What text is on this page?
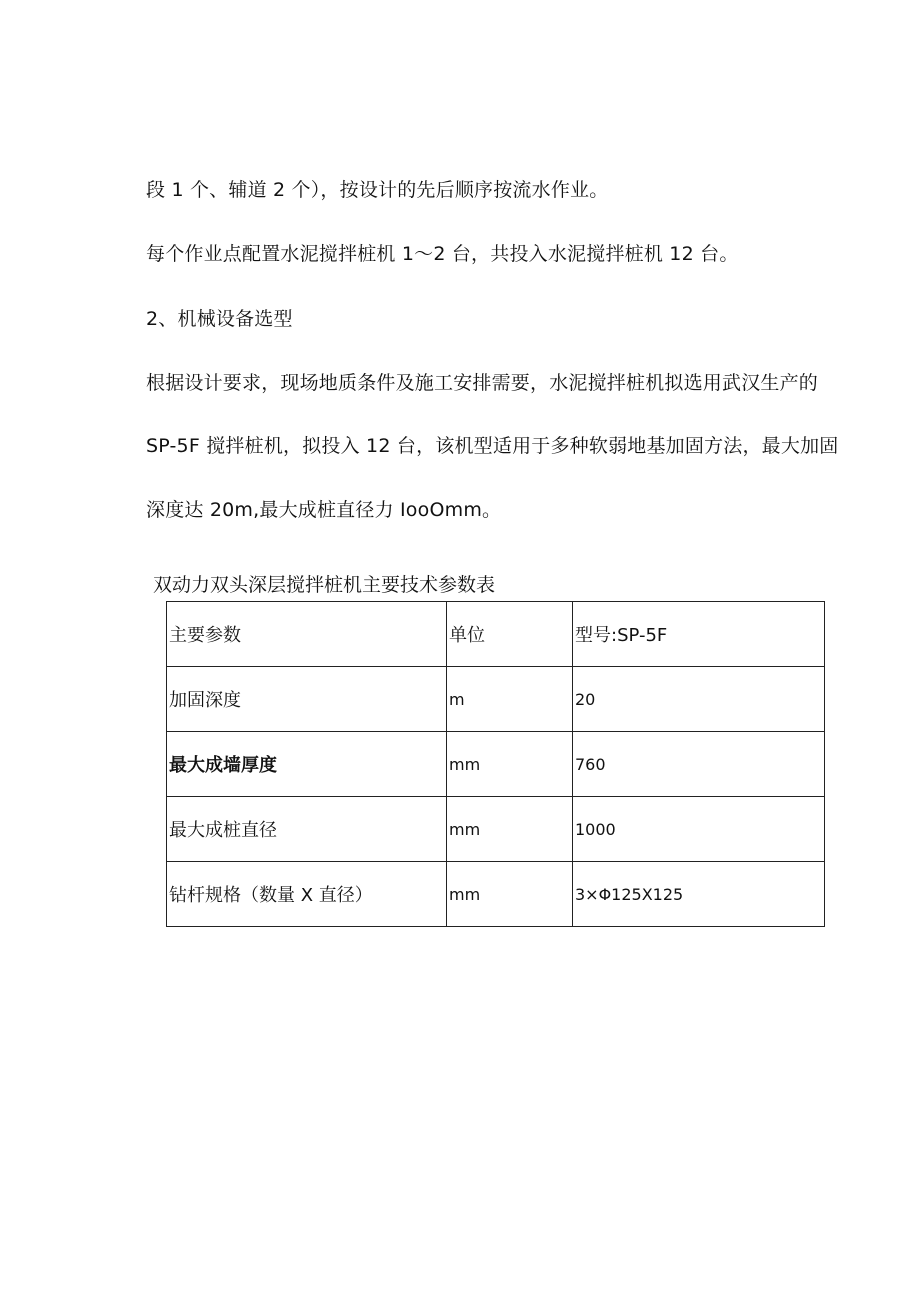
段 1 个、辅道 2 个），按设计的先后顺序按流水作业。
每个作业点配置水泥搅拌桩机 1～2 台，共投入水泥搅拌桩机 12 台。
2、机械设备选型
根据设计要求，现场地质条件及施工安排需要，水泥搅拌桩机拟选用武汉生产的
SP-5F 搅拌桩机，拟投入 12 台，该机型适用于多种软弱地基加固方法，最大加固
深度达 20m,最大成桩直径力 IooOmm。
双动力双头深层搅拌桩机主要技术参数表
主要参数	单位	型号:SP-5F
加固深度	m	20
最大成墙厚度	mm	760
最大成桩直径	mm	1000
钻杆规格（数量 X 直径）	mm	3×Φ125X125
